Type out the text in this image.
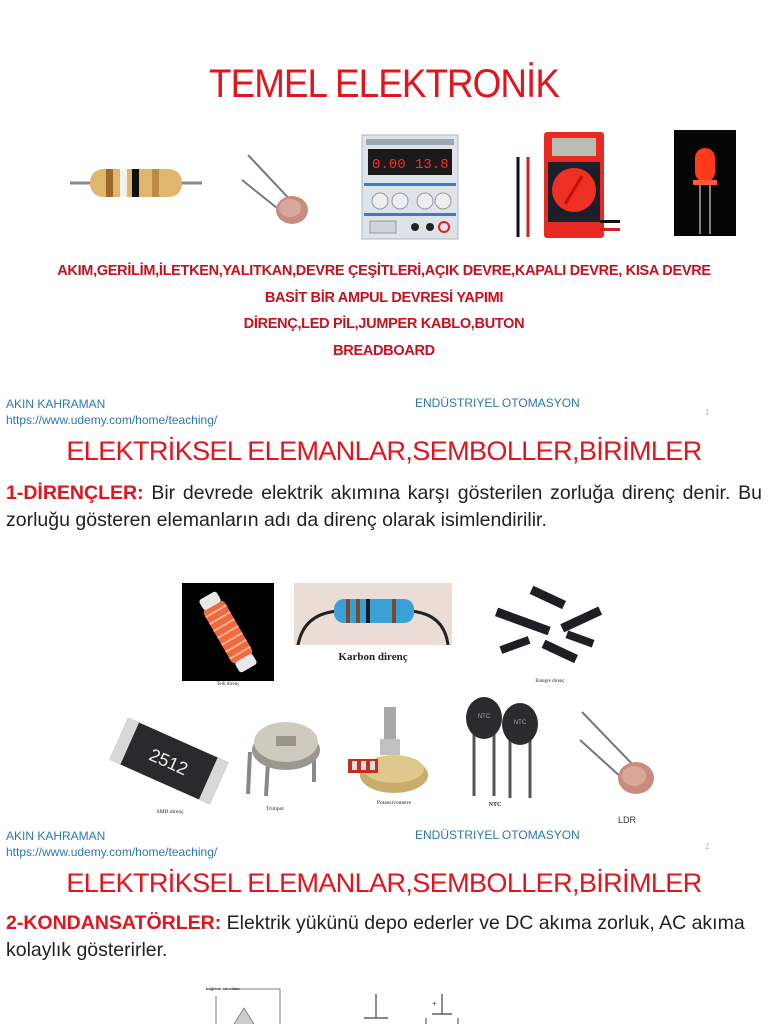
TEMEL ELEKTRONİK
0.00 13.8
AKIM,GERİLİM,İLETKEN,YALITKAN,DEVRE ÇEŞİTLERİ,AÇIK DEVRE,KAPALI DEVRE, KISA DEVRE
BASİT BİR AMPUL DEVRESİ YAPIMI
DİRENÇ,LED PİL,JUMPER KABLO,BUTON
BREADBOARD
AKIN KAHRAMAN
https://www.udemy.com/home/teaching/
ENDÜSTRIYEL OTOMASYON
1
ELEKTRİKSEL ELEMANLAR,SEMBOLLER,BİRİMLER
1-DİRENÇLER: Bir devrede elektrik akımına karşı gösterilen zorluğa direnç denir. Bu zorluğu gösteren elemanların adı da direnç olarak isimlendirilir.
Telli direnç
Karbon direnç
Entegre direnç
2512
SMD direnç	Trimpot
Potansiyometre
NTC
NTC
NTC
LDR
AKIN KAHRAMAN
https://www.udemy.com/home/teaching/
ENDÜSTRIYEL OTOMASYON
2
ELEKTRİKSEL ELEMANLAR,SEMBOLLER,BİRİMLER
2-KONDANSATÖRLER: Elektrik yükünü depo ederler ve DC akıma zorluk, AC akıma kolaylık gösterirler.
bağlantı bacakları
+
